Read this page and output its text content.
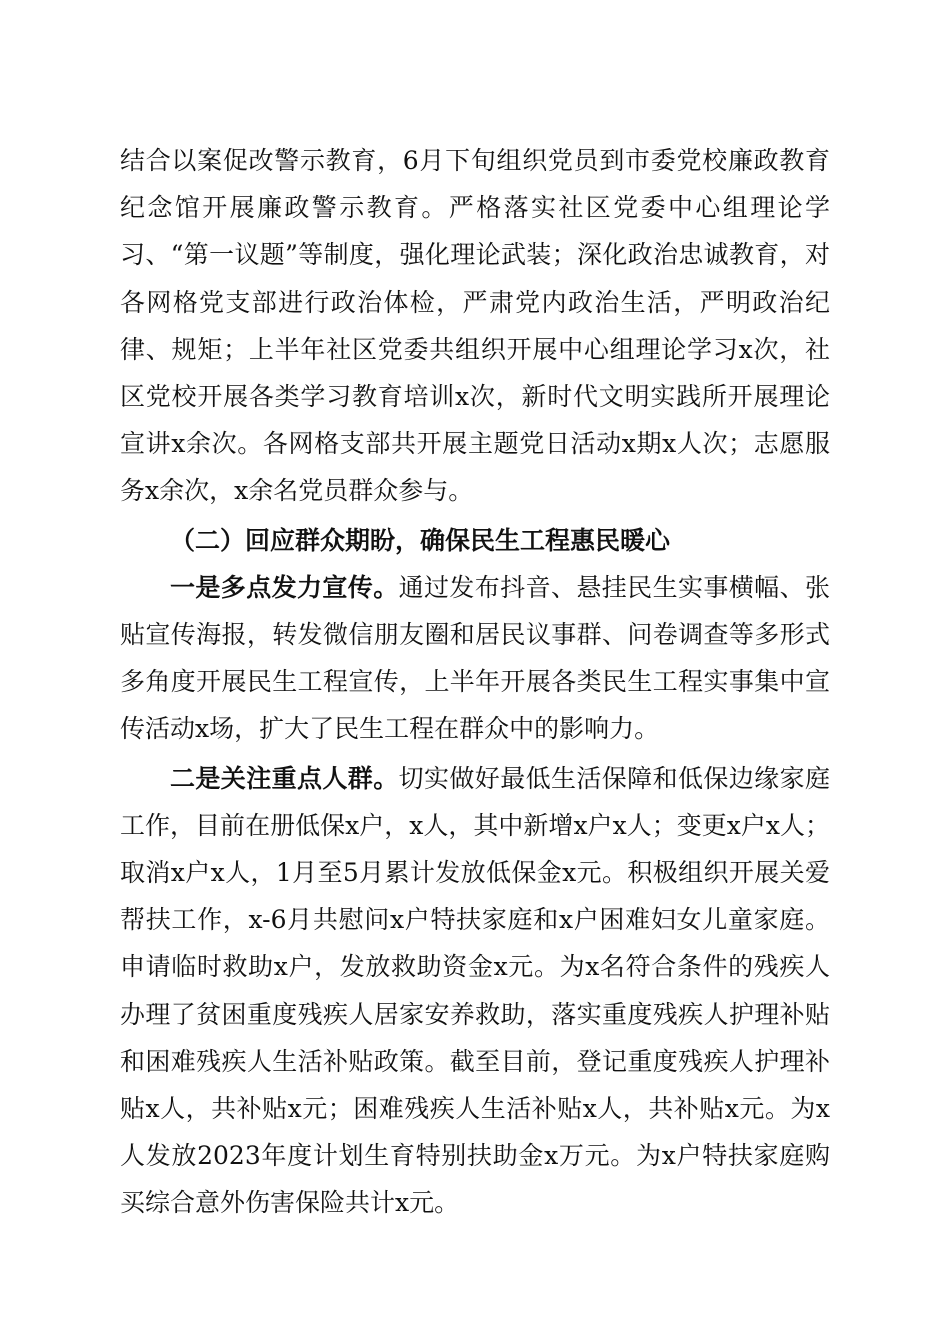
结合以案促改警示教育，6月下旬组织党员到市委党校廉政教育纪念馆开展廉政警示教育。严格落实社区党委中心组理论学习、“第一议题”等制度，强化理论武装；深化政治忠诚教育，对各网格党支部进行政治体检，严肃党内政治生活，严明政治纪律、规矩；上半年社区党委共组织开展中心组理论学习x次，社区党校开展各类学习教育培训x次，新时代文明实践所开展理论宣讲x余次。各网格支部共开展主题党日活动x期x人次；志愿服务x余次，x余名党员群众参与。

（二）回应群众期盼，确保民生工程惠民暖心

一是多点发力宣传。通过发布抖音、悬挂民生实事横幅、张贴宣传海报，转发微信朋友圈和居民议事群、问卷调查等多形式多角度开展民生工程宣传，上半年开展各类民生工程实事集中宣传活动x场，扩大了民生工程在群众中的影响力。

二是关注重点人群。切实做好最低生活保障和低保边缘家庭工作，目前在册低保x户，x人，其中新增x户x人；变更x户x人；取消x户x人，1月至5月累计发放低保金x元。积极组织开展关爱帮扶工作，x-6月共慰问x户特扶家庭和x户困难妇女儿童家庭。申请临时救助x户，发放救助资金x元。为x名符合条件的残疾人办理了贫困重度残疾人居家安养救助，落实重度残疾人护理补贴和困难残疾人生活补贴政策。截至目前，登记重度残疾人护理补贴x人，共补贴x元；困难残疾人生活补贴x人，共补贴x元。为x人发放2023年度计划生育特别扶助金x万元。为x户特扶家庭购买综合意外伤害保险共计x元。
